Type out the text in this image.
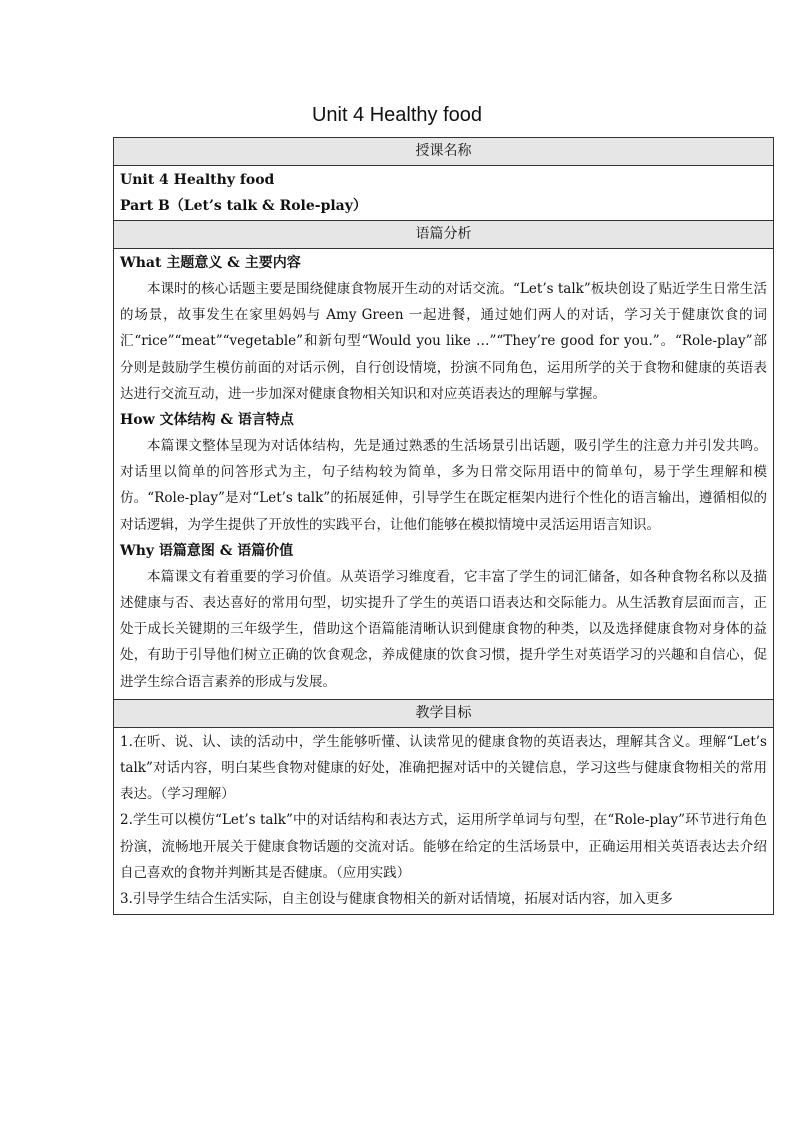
Unit 4 Healthy food
授课名称

Unit 4 Healthy food
Part B（Let’s talk & Role-play）

语篇分析

What 主题意义 & 主要内容

本课时的核心话题主要是围绕健康食物展开生动的对话交流。“Let’s talk”板块创设了贴近学生日常生活的场景，故事发生在家里妈妈与 Amy Green 一起进餐，通过她们两人的对话，学习关于健康饮食的词汇“rice”“meat”“vegetable”和新句型“Would you like …”“They’re good for you.”。“Role-play”部分则是鼓励学生模仿前面的对话示例，自行创设情境，扮演不同角色，运用所学的关于食物和健康的英语表达进行交流互动，进一步加深对健康食物相关知识和对应英语表达的理解与掌握。

How 文体结构 & 语言特点

本篇课文整体呈现为对话体结构，先是通过熟悉的生活场景引出话题，吸引学生的注意力并引发共鸣。对话里以简单的问答形式为主，句子结构较为简单，多为日常交际用语中的简单句，易于学生理解和模仿。“Role-play”是对“Let’s talk”的拓展延伸，引导学生在既定框架内进行个性化的语言输出，遵循相似的对话逻辑，为学生提供了开放性的实践平台，让他们能够在模拟情境中灵活运用语言知识。

Why 语篇意图 & 语篇价值

本篇课文有着重要的学习价值。从英语学习维度看，它丰富了学生的词汇储备，如各种食物名称以及描述健康与否、表达喜好的常用句型，切实提升了学生的英语口语表达和交际能力。从生活教育层面而言，正处于成长关键期的三年级学生，借助这个语篇能清晰认识到健康食物的种类，以及选择健康食物对身体的益处，有助于引导他们树立正确的饮食观念，养成健康的饮食习惯，提升学生对英语学习的兴趣和自信心，促进学生综合语言素养的形成与发展。

教学目标

1.在听、说、认、读的活动中，学生能够听懂、认读常见的健康食物的英语表达，理解其含义。理解“Let’s talk”对话内容，明白某些食物对健康的好处，准确把握对话中的关键信息，学习这些与健康食物相关的常用表达。（学习理解）

2.学生可以模仿“Let’s talk”中的对话结构和表达方式，运用所学单词与句型，在“Role-play”环节进行角色扮演，流畅地开展关于健康食物话题的交流对话。能够在给定的生活场景中，正确运用相关英语表达去介绍自己喜欢的食物并判断其是否健康。（应用实践）

3.引导学生结合生活实际，自主创设与健康食物相关的新对话情境，拓展对话内容，加入更多
